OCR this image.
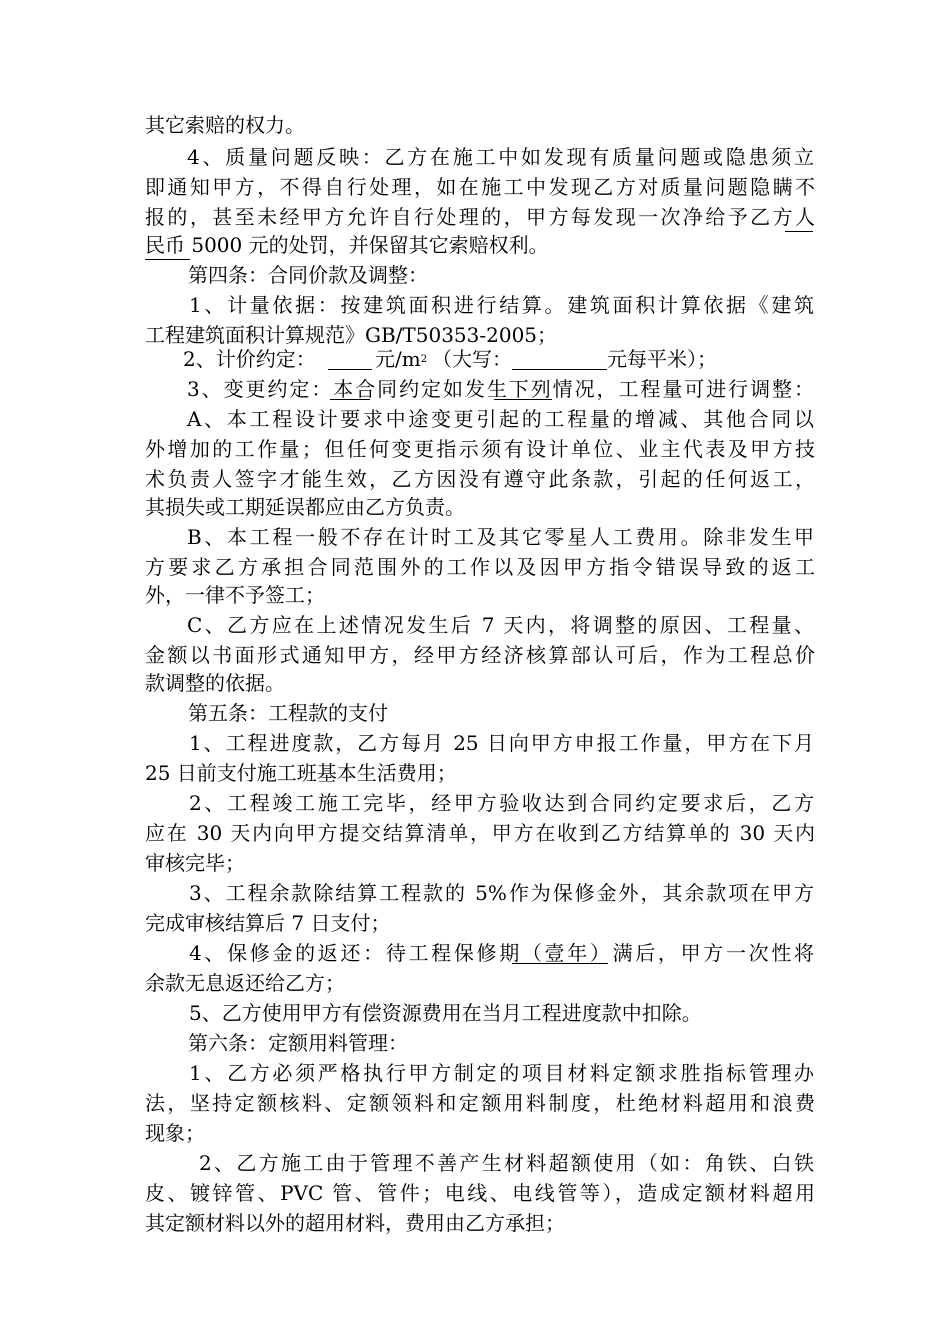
其它索赔的权力。
4、质量问题反映：乙方在施工中如发现有质量问题或隐患须立
即通知甲方，不得自行处理，如在施工中发现乙方对质量问题隐瞒不
报的，甚至未经甲方允许自行处理的，甲方每发现一次净给予乙方人
民币 5000 元的处罚，并保留其它索赔权利。
第四条：合同价款及调整：
1、计量依据：按建筑面积进行结算。建筑面积计算依据《建筑
工程建筑面积计算规范》GB/T50353-2005；
2、计价约定：	元$/m^2$ （大写：	元每平米）；
3、变更约定：本合同约定如发生下列情况，工程量可进行调整：
A、本工程设计要求中途变更引起的工程量的增减、其他合同以
外增加的工作量；但任何变更指示须有设计单位、业主代表及甲方技
术负责人签字才能生效，乙方因没有遵守此条款，引起的任何返工，
其损失或工期延误都应由乙方负责。
B、本工程一般不存在计时工及其它零星人工费用。除非发生甲
方要求乙方承担合同范围外的工作以及因甲方指令错误导致的返工
外，一律不予签工；
C、乙方应在上述情况发生后 7 天内，将调整的原因、工程量、
金额以书面形式通知甲方，经甲方经济核算部认可后，作为工程总价
款调整的依据。
第五条：工程款的支付
1、工程进度款，乙方每月 25 日向甲方申报工作量，甲方在下月
25 日前支付施工班基本生活费用；
2、工程竣工施工完毕，经甲方验收达到合同约定要求后，乙方
应在 30 天内向甲方提交结算清单，甲方在收到乙方结算单的 30 天内
审核完毕；
3、工程余款除结算工程款的 5%作为保修金外，其余款项在甲方
完成审核结算后 7 日支付；
4、保修金的返还：待工程保修期（壹年）满后，甲方一次性将
余款无息返还给乙方；
5、乙方使用甲方有偿资源费用在当月工程进度款中扣除。
第六条：定额用料管理：
1、乙方必须严格执行甲方制定的项目材料定额求胜指标管理办
法，坚持定额核料、定额领料和定额用料制度，杜绝材料超用和浪费
现象；
2、乙方施工由于管理不善产生材料超额使用（如：角铁、白铁
皮、镀锌管、PVC 管、管件；电线、电线管等），造成定额材料超用
其定额材料以外的超用材料，费用由乙方承担；
